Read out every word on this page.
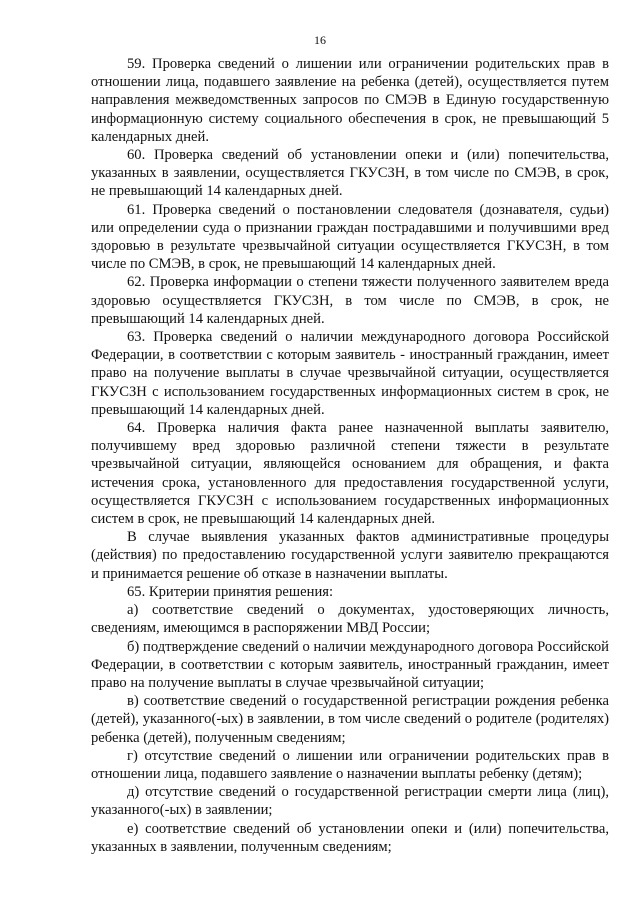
16

59. Проверка сведений о лишении или ограничении родительских прав в отношении лица, подавшего заявление на ребенка (детей), осуществляется путем направления межведомственных запросов по СМЭВ в Единую государственную информационную систему социального обеспечения в срок, не превышающий 5 календарных дней.

60. Проверка сведений об установлении опеки и (или) попечительства, указанных в заявлении, осуществляется ГКУСЗН, в том числе по СМЭВ, в срок, не превышающий 14 календарных дней.

61. Проверка сведений о постановлении следователя (дознавателя, судьи) или определении суда о признании граждан пострадавшими и получившими вред здоровью в результате чрезвычайной ситуации осуществляется ГКУСЗН, в том числе по СМЭВ, в срок, не превышающий 14 календарных дней.

62. Проверка информации о степени тяжести полученного заявителем вреда здоровью осуществляется ГКУСЗН, в том числе по СМЭВ, в срок, не превышающий 14 календарных дней.

63. Проверка сведений о наличии международного договора Российской Федерации, в соответствии с которым заявитель - иностранный гражданин, имеет право на получение выплаты в случае чрезвычайной ситуации, осуществляется ГКУСЗН с использованием государственных информационных систем в срок, не превышающий 14 календарных дней.

64. Проверка наличия факта ранее назначенной выплаты заявителю, получившему вред здоровью различной степени тяжести в результате чрезвычайной ситуации, являющейся основанием для обращения, и факта истечения срока, установленного для предоставления государственной услуги, осуществляется ГКУСЗН с использованием государственных информационных систем в срок, не превышающий 14 календарных дней.

В случае выявления указанных фактов административные процедуры (действия) по предоставлению государственной услуги заявителю прекращаются и принимается решение об отказе в назначении выплаты.

65. Критерии принятия решения:

а) соответствие сведений о документах, удостоверяющих личность, сведениям, имеющимся в распоряжении МВД России;

б) подтверждение сведений о наличии международного договора Российской Федерации, в соответствии с которым заявитель, иностранный гражданин, имеет право на получение выплаты в случае чрезвычайной ситуации;

в) соответствие сведений о государственной регистрации рождения ребенка (детей), указанного(-ых) в заявлении, в том числе сведений о родителе (родителях) ребенка (детей), полученным сведениям;

г) отсутствие сведений о лишении или ограничении родительских прав в отношении лица, подавшего заявление о назначении выплаты ребенку (детям);

д) отсутствие сведений о государственной регистрации смерти лица (лиц), указанного(-ых) в заявлении;

е) соответствие сведений об установлении опеки и (или) попечительства, указанных в заявлении, полученным сведениям;
